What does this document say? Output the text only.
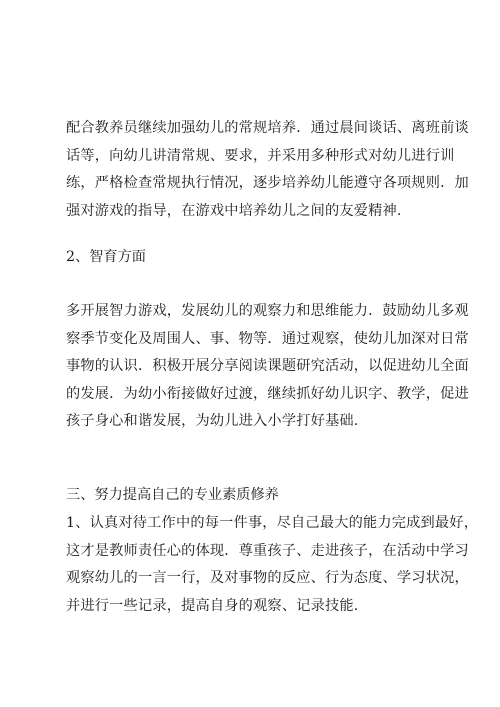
配合教养员继续加强幼儿的常规培养．通过晨间谈话、离班前谈
话等，向幼儿讲清常规、要求，并采用多种形式对幼儿进行训
练，严格检查常规执行情况，逐步培养幼儿能遵守各项规则．加
强对游戏的指导，在游戏中培养幼儿之间的友爱精神.
2、智育方面
多开展智力游戏，发展幼儿的观察力和思维能力．鼓励幼儿多观
察季节变化及周围人、事、物等．通过观察，使幼儿加深对日常
事物的认识．积极开展分享阅读课题研究活动，以促进幼儿全面
的发展．为幼小衔接做好过渡，继续抓好幼儿识字、教学，促进
孩子身心和谐发展，为幼儿进入小学打好基础.
三、努力提高自己的专业素质修养
1、认真对待工作中的每一件事，尽自己最大的能力完成到最好，
这才是教师责任心的体现．尊重孩子、走进孩子，在活动中学习
观察幼儿的一言一行，及对事物的反应、行为态度、学习状况，
并进行一些记录，提高自身的观察、记录技能.
